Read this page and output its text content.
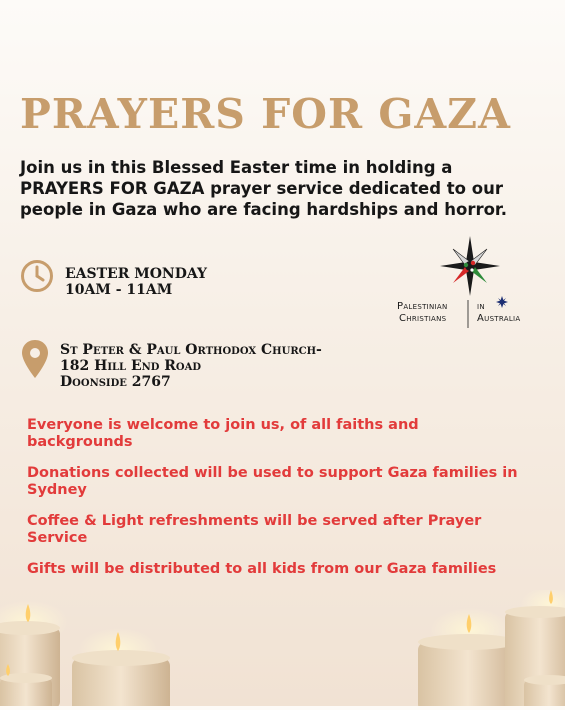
PRAYERS FOR GAZA
Join us in this Blessed Easter time in holding a PRAYERS FOR GAZA prayer service dedicated to our people in Gaza who are facing hardships and horror.
EASTER MONDAY
10AM - 11AM
Palestinian
Christians
in
Australia
St Peter & Paul Orthodox Church-
182 Hill End Road
Doonside 2767
Everyone is welcome to join us, of all faiths and backgrounds
Donations collected will be used to support Gaza families in Sydney
Coffee & Light refreshments will be served after Prayer Service
Gifts will be distributed to all kids from our Gaza families
